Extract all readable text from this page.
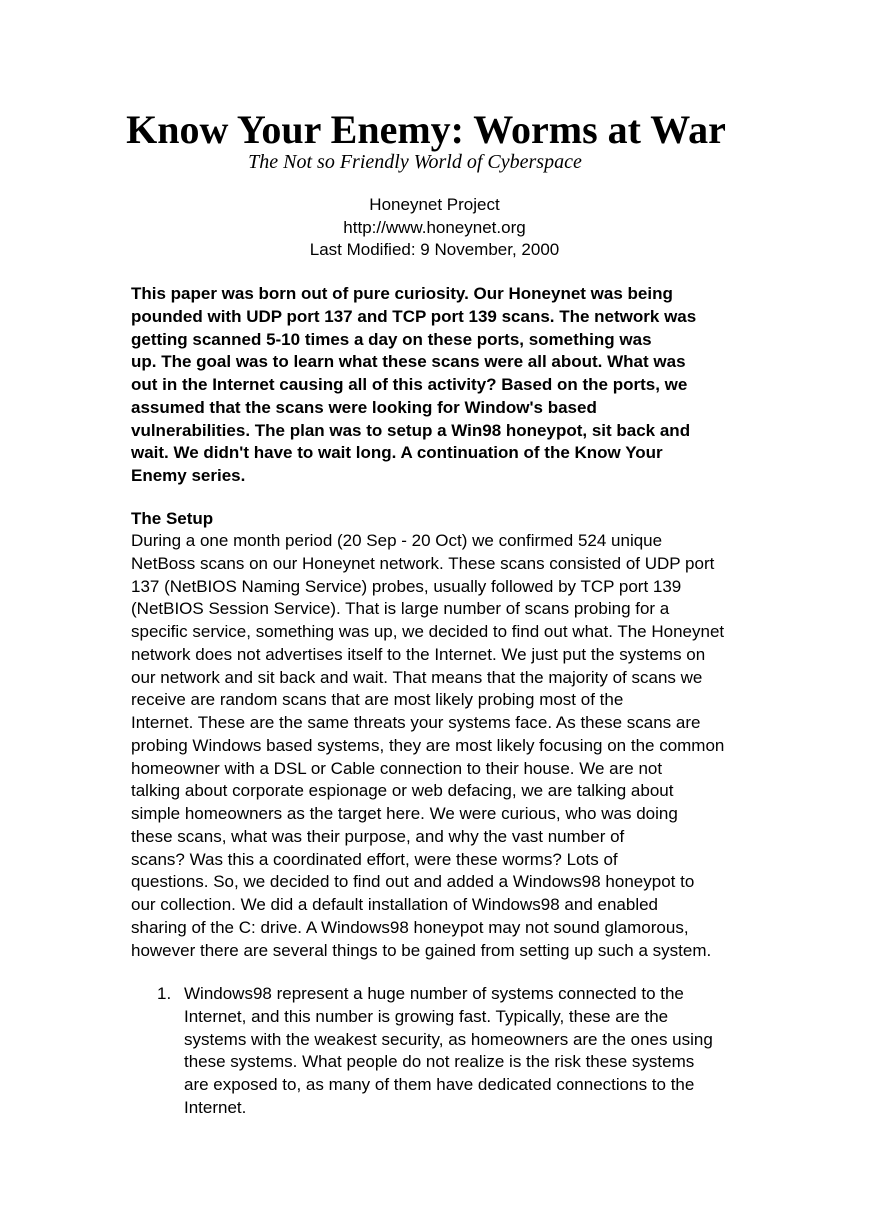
Know Your Enemy: Worms at War
The Not so Friendly World of Cyberspace
Honeynet Project
http://www.honeynet.org
Last Modified: 9 November, 2000
This paper was born out of pure curiosity. Our Honeynet was being
pounded with UDP port 137 and TCP port 139 scans. The network was
getting scanned 5-10 times a day on these ports, something was
up. The goal was to learn what these scans were all about. What was
out in the Internet causing all of this activity? Based on the ports, we
assumed that the scans were looking for Window's based
vulnerabilities. The plan was to setup a Win98 honeypot, sit back and
wait. We didn't have to wait long. A continuation of the Know Your
Enemy series.
The Setup
During a one month period (20 Sep - 20 Oct) we confirmed 524 unique
NetBoss scans on our Honeynet network. These scans consisted of UDP port
137 (NetBIOS Naming Service) probes, usually followed by TCP port 139
(NetBIOS Session Service). That is large number of scans probing for a
specific service, something was up, we decided to find out what. The Honeynet
network does not advertises itself to the Internet. We just put the systems on
our network and sit back and wait. That means that the majority of scans we
receive are random scans that are most likely probing most of the
Internet. These are the same threats your systems face. As these scans are
probing Windows based systems, they are most likely focusing on the common
homeowner with a DSL or Cable connection to their house. We are not
talking about corporate espionage or web defacing, we are talking about
simple homeowners as the target here. We were curious, who was doing
these scans, what was their purpose, and why the vast number of
scans? Was this a coordinated effort, were these worms? Lots of
questions. So, we decided to find out and added a Windows98 honeypot to
our collection. We did a default installation of Windows98 and enabled
sharing of the C: drive. A Windows98 honeypot may not sound glamorous,
however there are several things to be gained from setting up such a system.
1. Windows98 represent a huge number of systems connected to the
Internet, and this number is growing fast. Typically, these are the
systems with the weakest security, as homeowners are the ones using
these systems. What people do not realize is the risk these systems
are exposed to, as many of them have dedicated connections to the
Internet.
